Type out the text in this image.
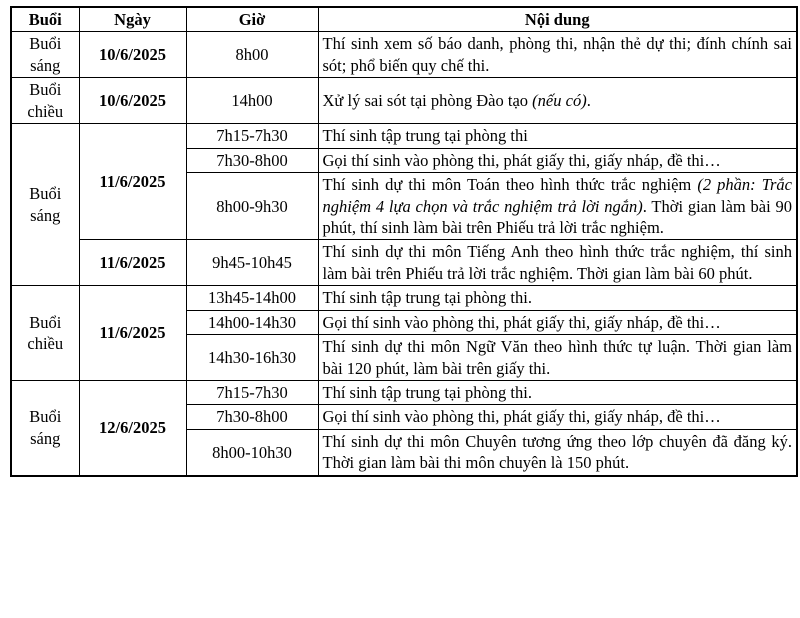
Buổi	Ngày	Giờ	Nội dung
Buổi sáng	10/6/2025	8h00	Thí sinh xem số báo danh, phòng thi, nhận thẻ dự thi; đính chính sai sót; phổ biến quy chế thi.
Buổi chiều	10/6/2025	14h00	Xử lý sai sót tại phòng Đào tạo (nếu có).
Buổi sáng	11/6/2025	7h15-7h30	Thí sinh tập trung tại phòng thi
		7h30-8h00	Gọi thí sinh vào phòng thi, phát giấy thi, giấy nháp, đề thi…
		8h00-9h30	Thí sinh dự thi môn Toán theo hình thức trắc nghiệm (2 phần: Trắc nghiệm 4 lựa chọn và trắc nghiệm trả lời ngắn). Thời gian làm bài 90 phút, thí sinh làm bài trên Phiếu trả lời trắc nghiệm.
	11/6/2025	9h45-10h45	Thí sinh dự thi môn Tiếng Anh theo hình thức trắc nghiệm, thí sinh làm bài trên Phiếu trả lời trắc nghiệm. Thời gian làm bài 60 phút.
Buổi chiều	11/6/2025	13h45-14h00	Thí sinh tập trung tại phòng thi.
		14h00-14h30	Gọi thí sinh vào phòng thi, phát giấy thi, giấy nháp, đề thi…
		14h30-16h30	Thí sinh dự thi môn Ngữ Văn theo hình thức tự luận. Thời gian làm bài 120 phút, làm bài trên giấy thi.
Buổi sáng	12/6/2025	7h15-7h30	Thí sinh tập trung tại phòng thi.
		7h30-8h00	Gọi thí sinh vào phòng thi, phát giấy thi, giấy nháp, đề thi…
		8h00-10h30	Thí sinh dự thi môn Chuyên tương ứng theo lớp chuyên đã đăng ký. Thời gian làm bài thi môn chuyên là 150 phút.
